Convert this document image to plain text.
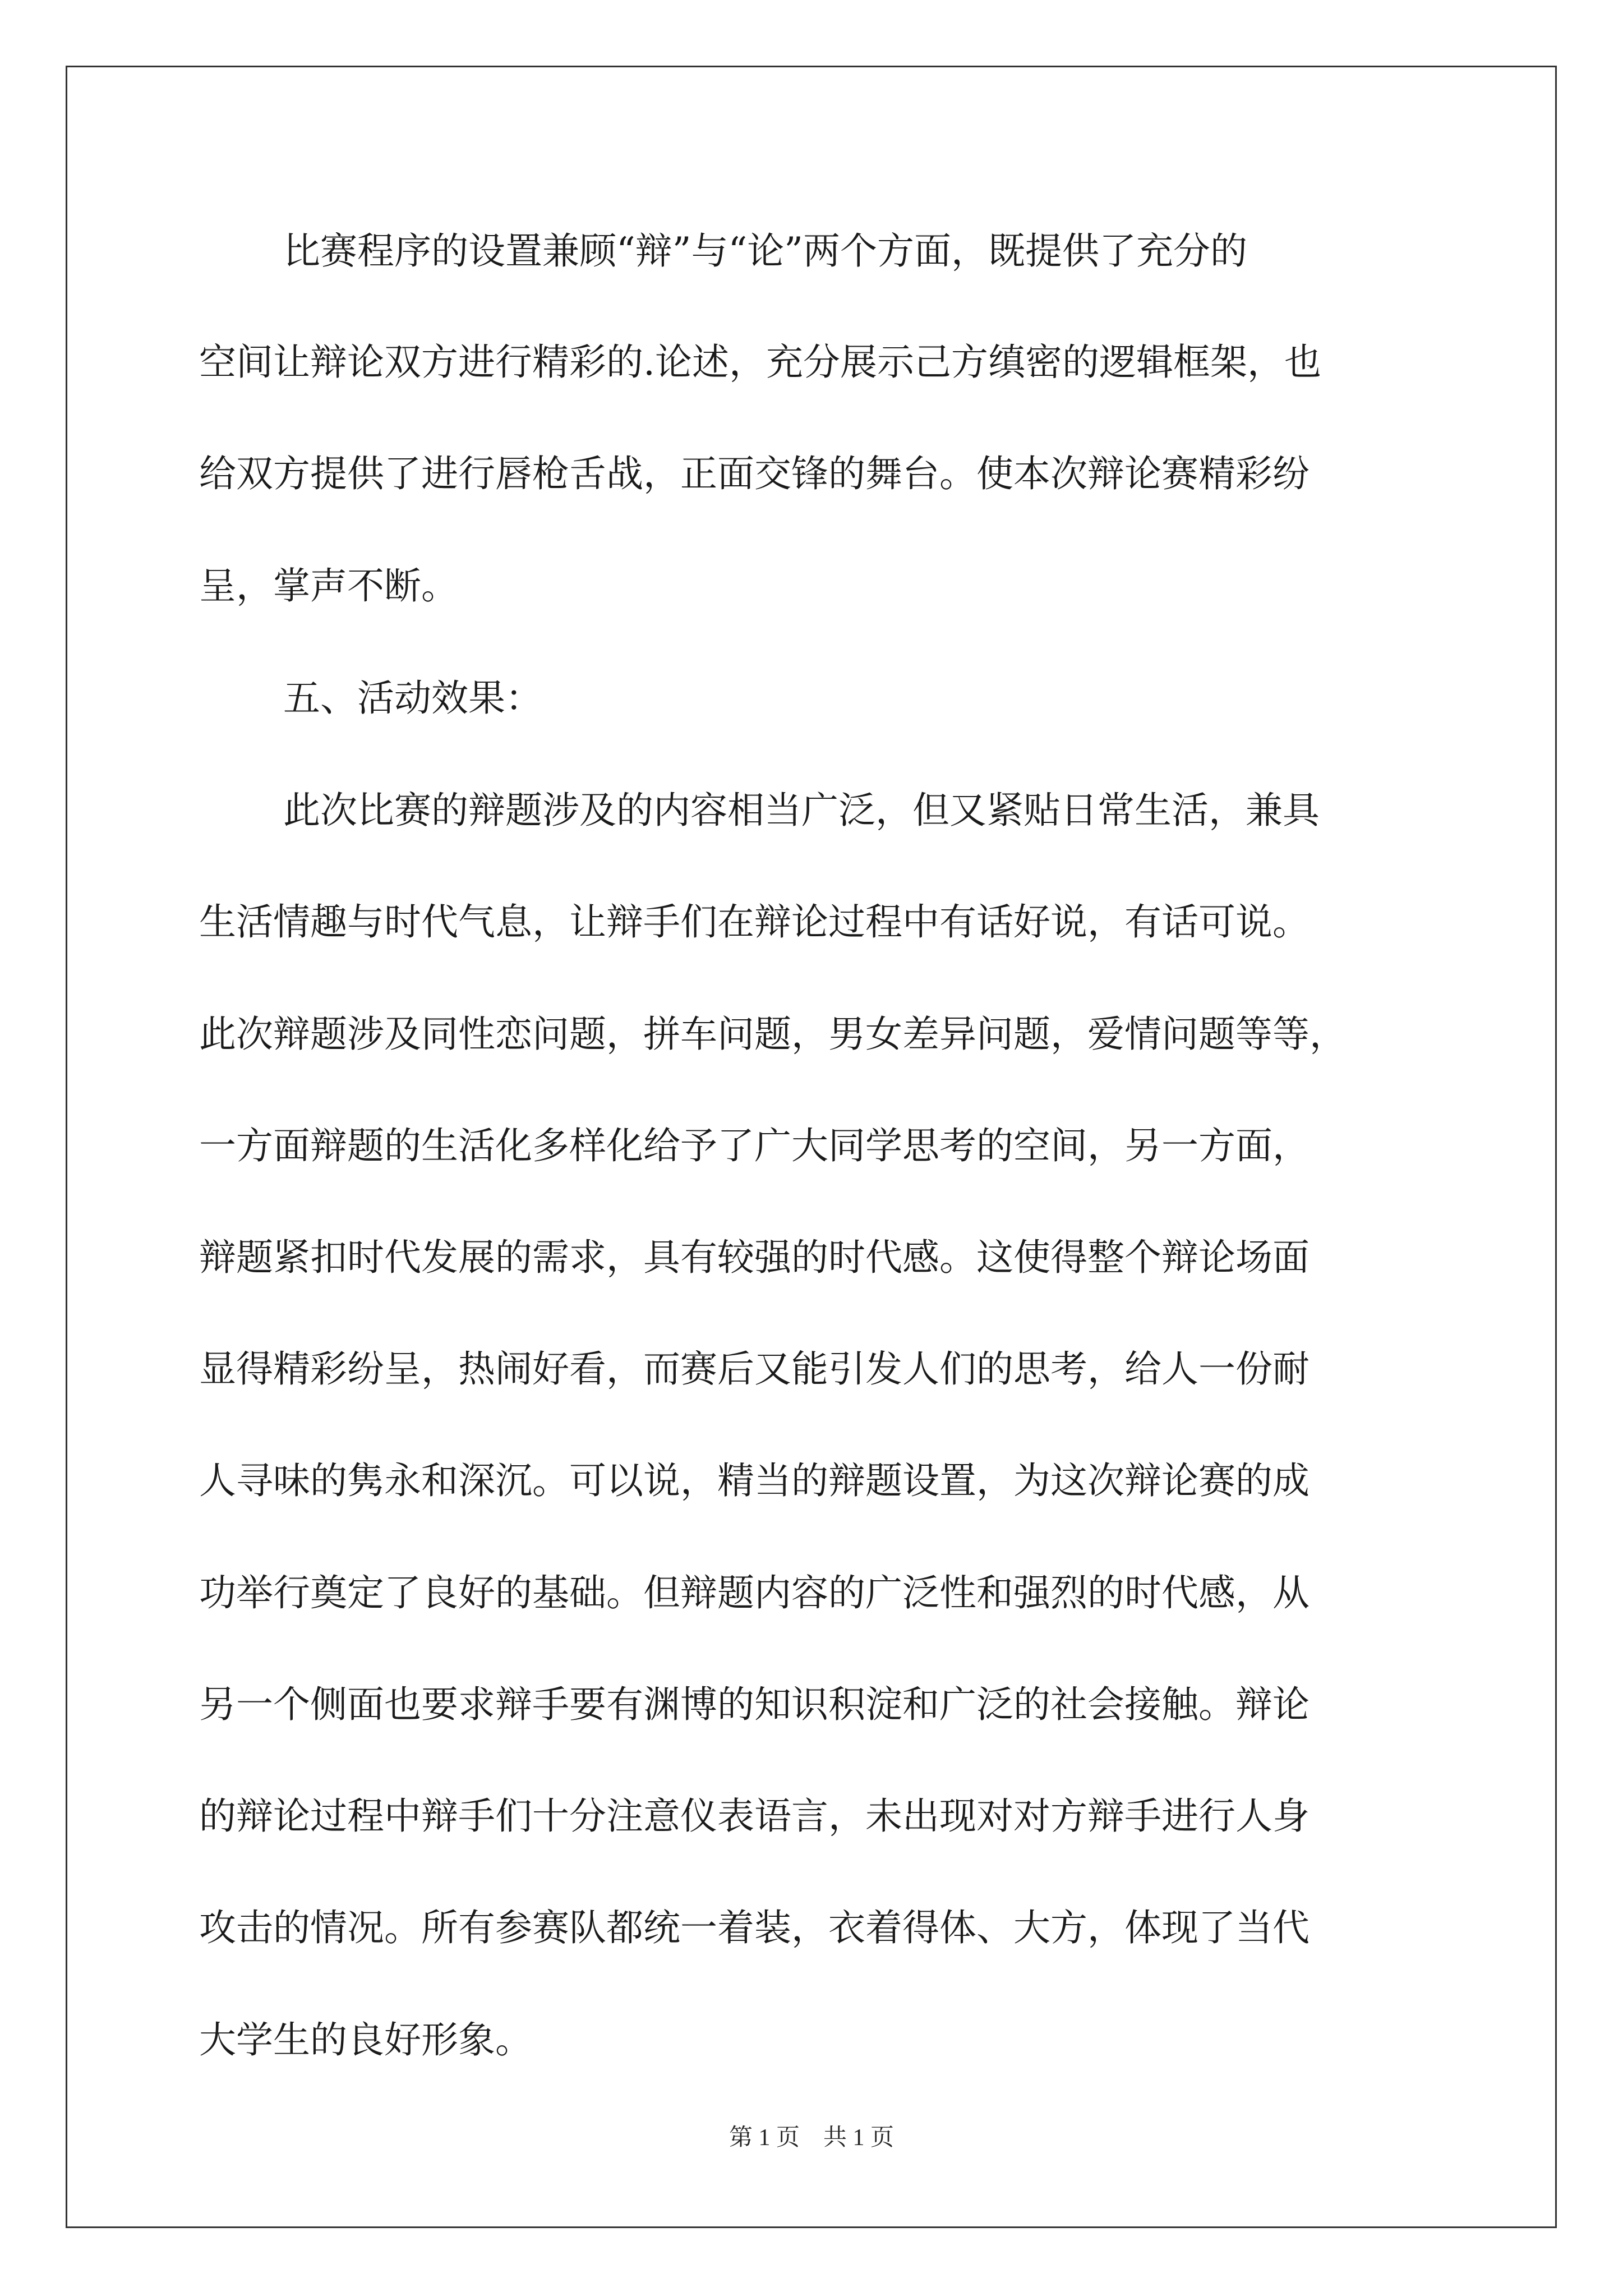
比赛程序的设置兼顾“辩”与“论”两个方面，既提供了充分的

空间让辩论双方进行精彩的.论述，充分展示己方缜密的逻辑框架，也

给双方提供了进行唇枪舌战，正面交锋的舞台。使本次辩论赛精彩纷

呈，掌声不断。

五、活动效果：

此次比赛的辩题涉及的内容相当广泛，但又紧贴日常生活，兼具

生活情趣与时代气息，让辩手们在辩论过程中有话好说，有话可说。

此次辩题涉及同性恋问题，拼车问题，男女差异问题，爱情问题等等，

一方面辩题的生活化多样化给予了广大同学思考的空间，另一方面，

辩题紧扣时代发展的需求，具有较强的时代感。这使得整个辩论场面

显得精彩纷呈，热闹好看，而赛后又能引发人们的思考，给人一份耐

人寻味的隽永和深沉。可以说，精当的辩题设置，为这次辩论赛的成

功举行奠定了良好的基础。但辩题内容的广泛性和强烈的时代感，从

另一个侧面也要求辩手要有渊博的知识积淀和广泛的社会接触。辩论

的辩论过程中辩手们十分注意仪表语言，未出现对对方辩手进行人身

攻击的情况。所有参赛队都统一着装，衣着得体、大方，体现了当代

大学生的良好形象。

第 1 页    共 1 页
